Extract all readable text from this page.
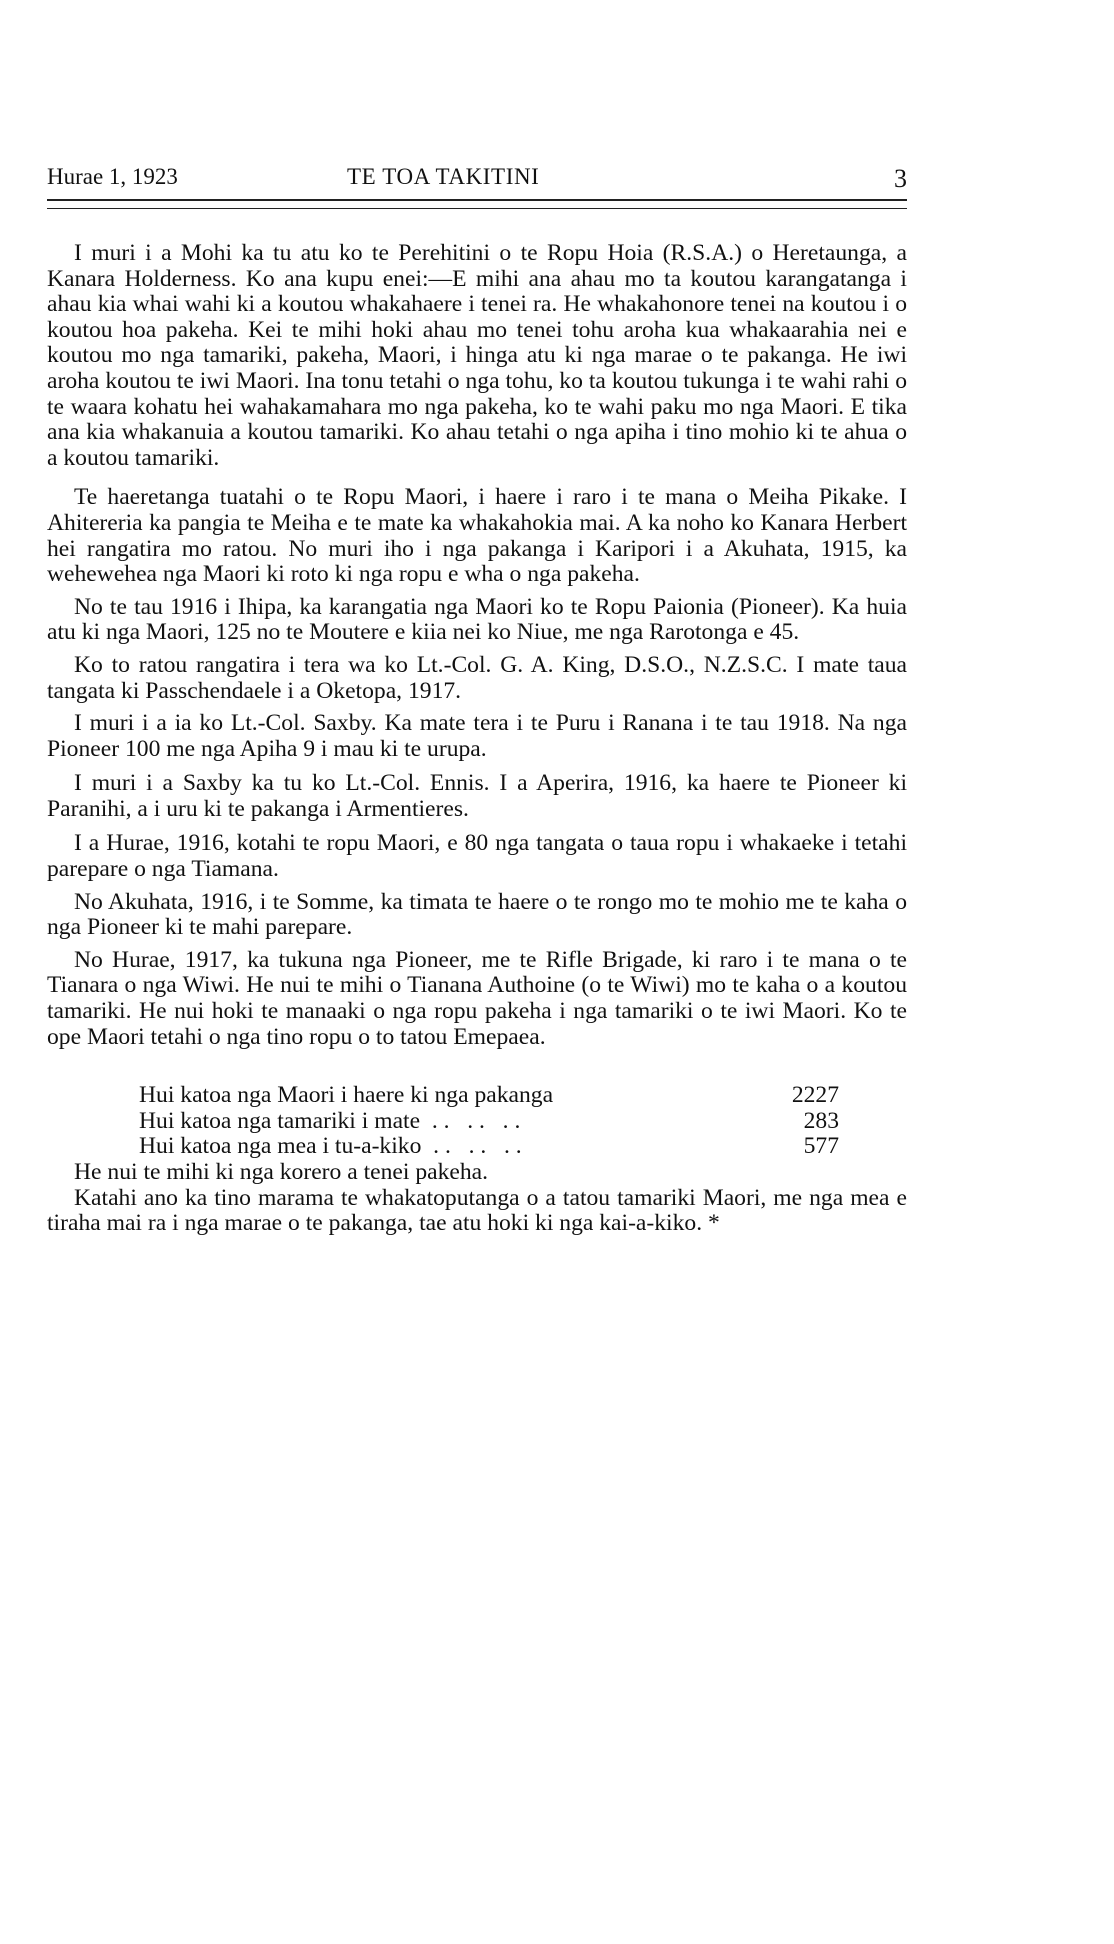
Hurae 1, 1923	TE TOA TAKITINI	3

I muri i a Mohi ka tu atu ko te Perehitini o te Ropu Hoia (R.S.A.) o Heretaunga, a Kanara Holderness. Ko ana kupu enei:—E mihi ana ahau mo ta koutou karangatanga i ahau kia whai wahi ki a koutou whakahaere i tenei ra. He whakahonore tenei na koutou i o koutou hoa pakeha. Kei te mihi hoki ahau mo tenei tohu aroha kua whakaarahia nei e koutou mo nga tamariki, pakeha, Maori, i hinga atu ki nga marae o te pakanga. He iwi aroha koutou te iwi Maori. Ina tonu tetahi o nga tohu, ko ta koutou tukunga i te wahi rahi o te waara kohatu hei wahakamahara mo nga pakeha, ko te wahi paku mo nga Maori. E tika ana kia whakanuia a koutou tamariki. Ko ahau tetahi o nga apiha i tino mohio ki te ahua o a koutou tamariki.

Te haeretanga tuatahi o te Ropu Maori, i haere i raro i te mana o Meiha Pikake. I Ahitereria ka pangia te Meiha e te mate ka whakahokia mai. A ka noho ko Kanara Herbert hei rangatira mo ratou. No muri iho i nga pakanga i Karipori i a Akuhata, 1915, ka wehewehea nga Maori ki roto ki nga ropu e wha o nga pakeha.

No te tau 1916 i Ihipa, ka karangatia nga Maori ko te Ropu Paionia (Pioneer). Ka huia atu ki nga Maori, 125 no te Moutere e kiia nei ko Niue, me nga Rarotonga e 45.

Ko to ratou rangatira i tera wa ko Lt.-Col. G. A. King, D.S.O., N.Z.S.C. I mate taua tangata ki Passchendaele i a Oketopa, 1917.

I muri i a ia ko Lt.-Col. Saxby. Ka mate tera i te Puru i Ranana i te tau 1918. Na nga Pioneer 100 me nga Apiha 9 i mau ki te urupa.

I muri i a Saxby ka tu ko Lt.-Col. Ennis. I a Aperira, 1916, ka haere te Pioneer ki Paranihi, a i uru ki te pakanga i Armentieres.

I a Hurae, 1916, kotahi te ropu Maori, e 80 nga tangata o taua ropu i whakaeke i tetahi parepare o nga Tiamana.

No Akuhata, 1916, i te Somme, ka timata te haere o te rongo mo te mohio me te kaha o nga Pioneer ki te mahi parepare.

No Hurae, 1917, ka tukuna nga Pioneer, me te Rifle Brigade, ki raro i te mana o te Tianara o nga Wiwi. He nui te mihi o Tianana Authoine (o te Wiwi) mo te kaha o a koutou tamariki. He nui hoki te manaaki o nga ropu pakeha i nga tamariki o te iwi Maori. Ko te ope Maori tetahi o nga tino ropu o to tatou Emepaea.

Hui katoa nga Maori i haere ki nga pakanga	2227
Hui katoa nga tamariki i mate  . .   . .   . .	283
Hui katoa nga mea i tu-a-kiko  . .   . .   . .	577

He nui te mihi ki nga korero a tenei pakeha.

Katahi ano ka tino marama te whakatoputanga o a tatou tamariki Maori, me nga mea e tiraha mai ra i nga marae o te pakanga, tae atu hoki ki nga kai-a-kiko. *
